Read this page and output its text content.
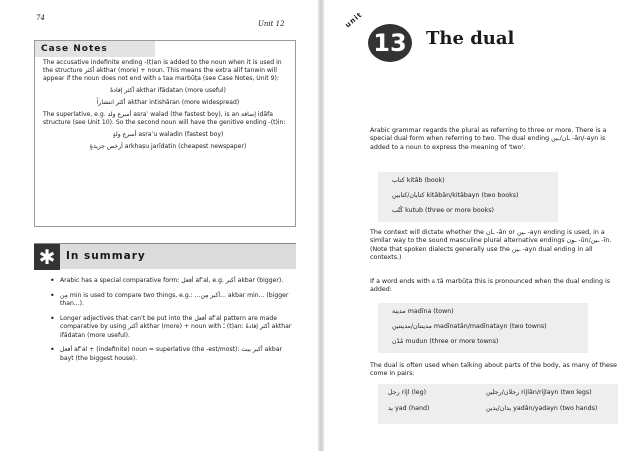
74
Unit 12
Case Notes

The accusative indefinite ending -(t)an is added to the noun when it is used in the structure أكثر akthar (more) + noun. This means the extra alif tanwin will appear if the noun does not end with ة taa marbūṭa (see Case Notes, Unit 9):

أكثر إفادةً akthar ifādatan (more useful)

أكثر انتشاراً akthar intishāran (more widespread)

The superlative, e.g. أسرع ولد asraʿ walad (the fastest boy), is an إضافة iḍāfa structure (see Unit 10). So the second noun will have the genitive ending -(t)in:

أسرع ولدٍ asraʿu waladin (fastest boy)

أرخص جريدةٍ arkhaṣu jarīdatin (cheapest newspaper)

✱	In summary
• Arabic has a special comparative form: أفعل afʿal, e.g. أكبر akbar (bigger).
• مِن min is used to compare two things, e.g.: ...أكبر مِن... akbar min... (bigger than...).
• Longer adjectives that can't be put into the أفعل afʿal pattern are made comparative by using أكثر akthar (more) + noun with ـً (t)an: أكثر إفادةً akthar ifādatan (more useful).
• أفعل afʿal + (indefinite) noun = superlative (the -est/most): أكبر بيت akbar bayt (the biggest house).
unit
13 The dual
Arabic grammar regards the plural as referring to three or more. There is a special dual form when referring to two. The dual ending ـان/ـين -ān/-ayn is added to a noun to express the meaning of 'two'.
كتاب kitāb (book)
كتابان/كتابين kitābān/kitābayn (two books)
كُتُب kutub (three or more books)
The context will dictate whether the ـان -ān or ـين -ayn ending is used, in a similar way to the sound masculine plural alternative endings ـون -ūn/ـين -īn. (Note that spoken dialects generally use the ـين -ayn dual ending in all contexts.)
If a word ends with ة tā marbūṭa this is pronounced when the dual ending is added:
مدينة madīna (town)
مدينتان/مدينتين madīnatān/madīnatayn (two towns)
مُدُن mudun (three or more towns)
The dual is often used when talking about parts of the body, as many of these come in pairs:
رجل rijl (leg)	رجلان/رجلين rijlān/rijlayn (two legs)
يد yad (hand)	يدان/يدين yadān/yadayn (two hands)
